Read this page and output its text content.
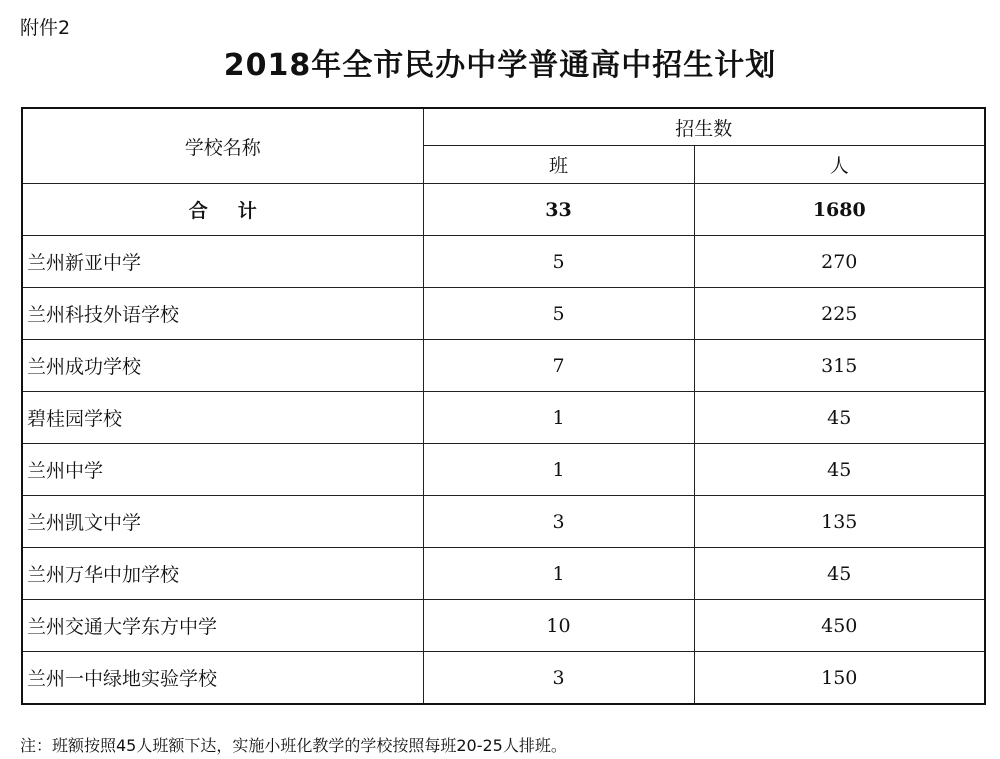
附件2
2018年全市民办中学普通高中招生计划
学校名称	招生数	
	班	人
合计	33	1680
兰州新亚中学	5	270
兰州科技外语学校	5	225
兰州成功学校	7	315
碧桂园学校	1	45
兰州中学	1	45
兰州凯文中学	3	135
兰州万华中加学校	1	45
兰州交通大学东方中学	10	450
兰州一中绿地实验学校	3	150
注：班额按照45人班额下达，实施小班化教学的学校按照每班20-25人排班。
